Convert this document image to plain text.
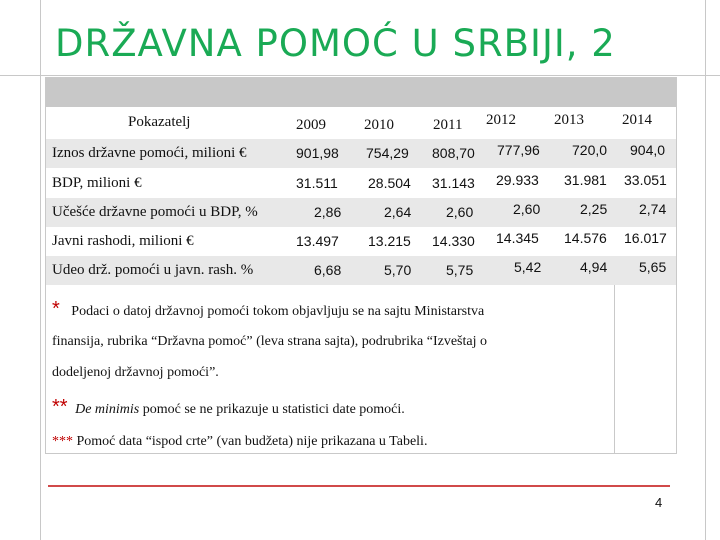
DRŽAVNA POMOĆ U SRBIJI, 2
Pokazatelj	2009	2010	2011 2012	2013	2014
Iznos državne pomoći, milioni €	901,98 754,29 808,70 777,96 720,0 904,0
BDP, milioni €	31.511 28.504 31.143 29.933 31.981 33.051
Učešće državne pomoći u BDP, %	2,86	2,64 2,60	2,60	2,25 2,74
Javni rashodi, milioni €	13.497 13.215 14.330 14.345 14.576 16.017
Udeo drž. pomoći u javn. rash. %	6,68	5,70 5,75	5,42	4,94 5,65
* Podaci o datoj državnoj pomoći tokom objavljuju se na sajtu Ministarstva
finansija, rubrika “Državna pomoć” (leva strana sajta), podrubrika “Izveštaj o
dodeljenoj državnoj pomoći”.
** De minimis pomoć se ne prikazuje u statistici date pomoći.
*** Pomoć data “ispod crte” (van budžeta) nije prikazana u Tabeli.
4
